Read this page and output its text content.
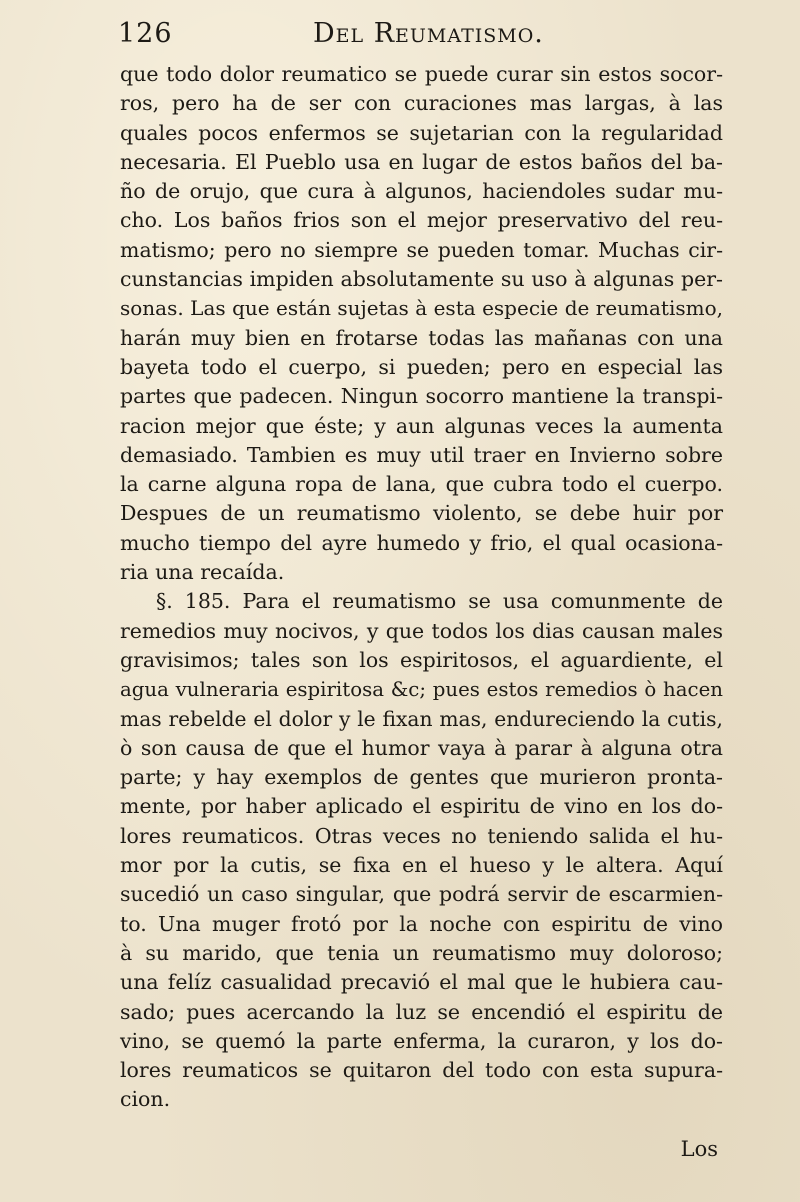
126	Del Reumatismo.
que todo dolor reumatico se puede curar sin estos socor-
ros, pero ha de ser con curaciones mas largas, à las
quales pocos enfermos se sujetarian con la regularidad
necesaria. El Pueblo usa en lugar de estos baños del ba-
ño de orujo, que cura à algunos, haciendoles sudar mu-
cho. Los baños frios son el mejor preservativo del reu-
matismo; pero no siempre se pueden tomar. Muchas cir-
cunstancias impiden absolutamente su uso à algunas per-
sonas. Las que están sujetas à esta especie de reumatismo,
harán muy bien en frotarse todas las mañanas con una
bayeta todo el cuerpo, si pueden; pero en especial las
partes que padecen. Ningun socorro mantiene la transpi-
racion mejor que éste; y aun algunas veces la aumenta
demasiado. Tambien es muy util traer en Invierno sobre
la carne alguna ropa de lana, que cubra todo el cuerpo.
Despues de un reumatismo violento, se debe huir por
mucho tiempo del ayre humedo y frio, el qual ocasiona-
ria una recaída.
§. 185. Para el reumatismo se usa comunmente de
remedios muy nocivos, y que todos los dias causan males
gravisimos; tales son los espiritosos, el aguardiente, el
agua vulneraria espiritosa &c; pues estos remedios ò hacen
mas rebelde el dolor y le fixan mas, endureciendo la cutis,
ò son causa de que el humor vaya à parar à alguna otra
parte; y hay exemplos de gentes que murieron pronta-
mente, por haber aplicado el espiritu de vino en los do-
lores reumaticos. Otras veces no teniendo salida el hu-
mor por la cutis, se fixa en el hueso y le altera. Aquí
sucedió un caso singular, que podrá servir de escarmien-
to. Una muger frotó por la noche con espiritu de vino
à su marido, que tenia un reumatismo muy doloroso;
una felíz casualidad precavió el mal que le hubiera cau-
sado; pues acercando la luz se encendió el espiritu de
vino, se quemó la parte enferma, la curaron, y los do-
lores reumaticos se quitaron del todo con esta supura-
cion.
Los
